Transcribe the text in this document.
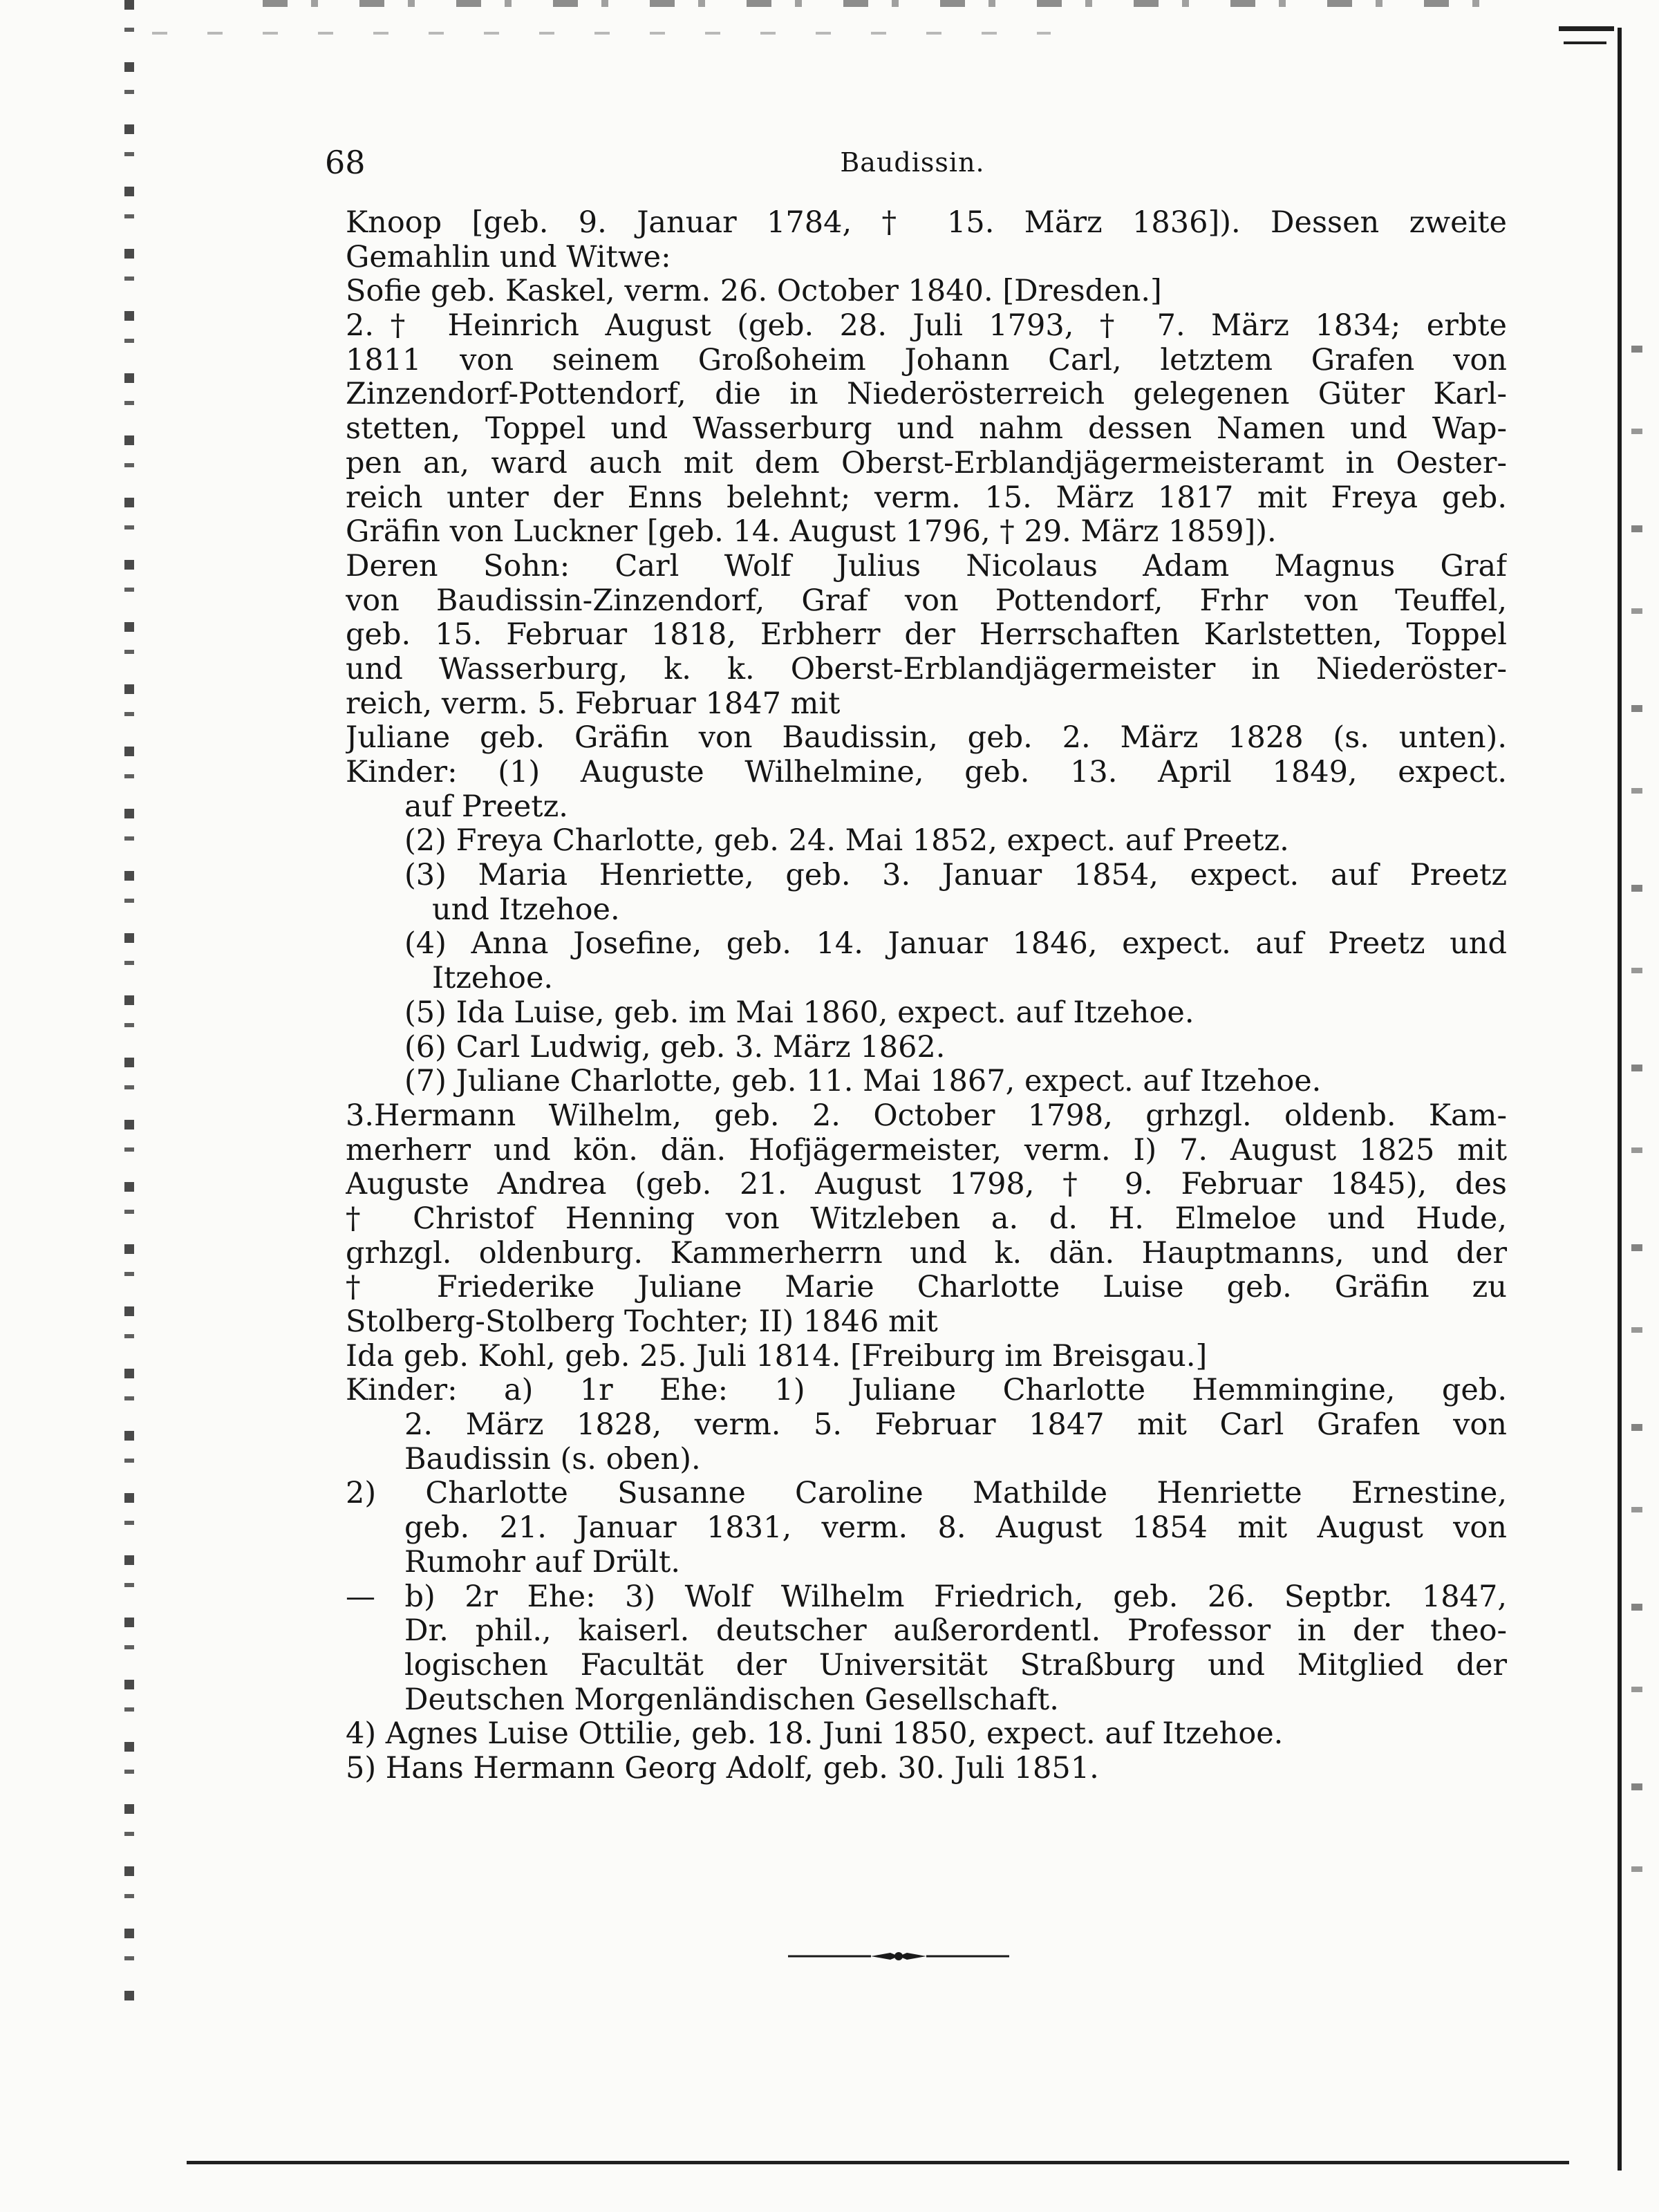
68	Baudissin.
Knoop [geb. 9. Januar 1784, † 15. März 1836]). Dessen zweite
Gemahlin und Witwe:
Sofie geb. Kaskel, verm. 26. October 1840. [Dresden.]
2.† Heinrich August (geb. 28. Juli 1793, † 7. März 1834; erbte
1811 von seinem Großoheim Johann Carl, letztem Grafen von
Zinzendorf-Pottendorf, die in Niederösterreich gelegenen Güter Karl-
stetten, Toppel und Wasserburg und nahm dessen Namen und Wap-
pen an, ward auch mit dem Oberst-Erblandjägermeisteramt in Oester-
reich unter der Enns belehnt; verm. 15. März 1817 mit Freya geb.
Gräfin von Luckner [geb. 14. August 1796, † 29. März 1859]).
Deren Sohn: Carl Wolf Julius Nicolaus Adam Magnus Graf
von Baudissin-Zinzendorf, Graf von Pottendorf, Frhr von Teuffel,
geb. 15. Februar 1818, Erbherr der Herrschaften Karlstetten, Toppel
und Wasserburg, k. k. Oberst-Erblandjägermeister in Niederöster-
reich, verm. 5. Februar 1847 mit
Juliane geb. Gräfin von Baudissin, geb. 2. März 1828 (s. unten).
Kinder: (1) Auguste Wilhelmine, geb. 13. April 1849, expect.
auf Preetz.
(2) Freya Charlotte, geb. 24. Mai 1852, expect. auf Preetz.
(3) Maria Henriette, geb. 3. Januar 1854, expect. auf Preetz
und Itzehoe.
(4) Anna Josefine, geb. 14. Januar 1846, expect. auf Preetz und
Itzehoe.
(5) Ida Luise, geb. im Mai 1860, expect. auf Itzehoe.
(6) Carl Ludwig, geb. 3. März 1862.
(7) Juliane Charlotte, geb. 11. Mai 1867, expect. auf Itzehoe.
3.Hermann Wilhelm, geb. 2. October 1798, grhzgl. oldenb. Kam-
merherr und kön. dän. Hofjägermeister, verm. I) 7. August 1825 mit
Auguste Andrea (geb. 21. August 1798, † 9. Februar 1845), des
† Christof Henning von Witzleben a. d. H. Elmeloe und Hude,
grhzgl. oldenburg. Kammerherrn und k. dän. Hauptmanns, und der
† Friederike Juliane Marie Charlotte Luise geb. Gräfin zu
Stolberg-Stolberg Tochter; II) 1846 mit
Ida geb. Kohl, geb. 25. Juli 1814. [Freiburg im Breisgau.]
Kinder: a) 1r Ehe: 1) Juliane Charlotte Hemmingine, geb.
2. März 1828, verm. 5. Februar 1847 mit Carl Grafen von
Baudissin (s. oben).
2) Charlotte Susanne Caroline Mathilde Henriette Ernestine,
geb. 21. Januar 1831, verm. 8. August 1854 mit August von
Rumohr auf Drült.
— b) 2r Ehe: 3) Wolf Wilhelm Friedrich, geb. 26. Septbr. 1847,
Dr. phil., kaiserl. deutscher außerordentl. Professor in der theo-
logischen Facultät der Universität Straßburg und Mitglied der
Deutschen Morgenländischen Gesellschaft.
4) Agnes Luise Ottilie, geb. 18. Juni 1850, expect. auf Itzehoe.
5) Hans Hermann Georg Adolf, geb. 30. Juli 1851.
